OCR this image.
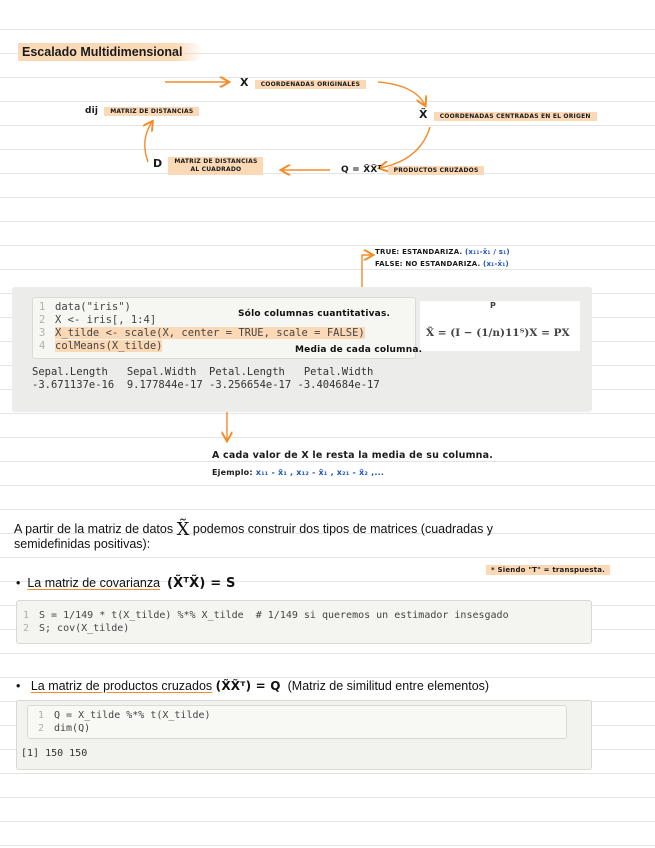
Escalado Multidimensional
X COORDENADAS ORIGINALES
X̃ COORDENADAS CENTRADAS EN EL ORIGEN
Q = X̃X̃ᵀ PRODUCTOS CRUZADOS
D MATRIZ DE DISTANCIAS
AL CUADRADO
dij MATRIZ DE DISTANCIAS
TRUE: ESTANDARIZA. (x₁₁-x̄₁ / s₁)
FALSE: NO ESTANDARIZA. (x₁-x̄₁)
1 data("iris")
2 X <- iris[, 1:4]
3 X_tilde <- scale(X, center = TRUE, scale = FALSE)
4 colMeans(X_tilde)
Sepal.Length   Sepal.Width  Petal.Length   Petal.Width
-3.671137e-16  9.177844e-17 -3.256654e-17 -3.404684e-17
P
X̃ = (I − (1/n)11ᵀ)X = PX
Sólo columnas cuantitativas.
Media de cada columna.
A cada valor de X le resta la media de su columna.
Ejemplo: x₁₁ - x̄₁ , x₁₂ - x̄₁ , x₂₁ - x̄₂ ,...
A partir de la matriz de datos X̃ podemos construir dos tipos de matrices (cuadradas y
semidefinidas positivas):
* Siendo "T" = transpuesta.
• La matriz de covarianza (X̃ᵀX̃) = S
1 S = 1/149 * t(X_tilde) %*% X_tilde  # 1/149 si queremos un estimador insesgado
2 S; cov(X_tilde)
• La matriz de productos cruzados (X̃X̃ᵀ) = Q (Matriz de similitud entre elementos)
1 Q = X_tilde %*% t(X_tilde)
2 dim(Q)
[1] 150 150
